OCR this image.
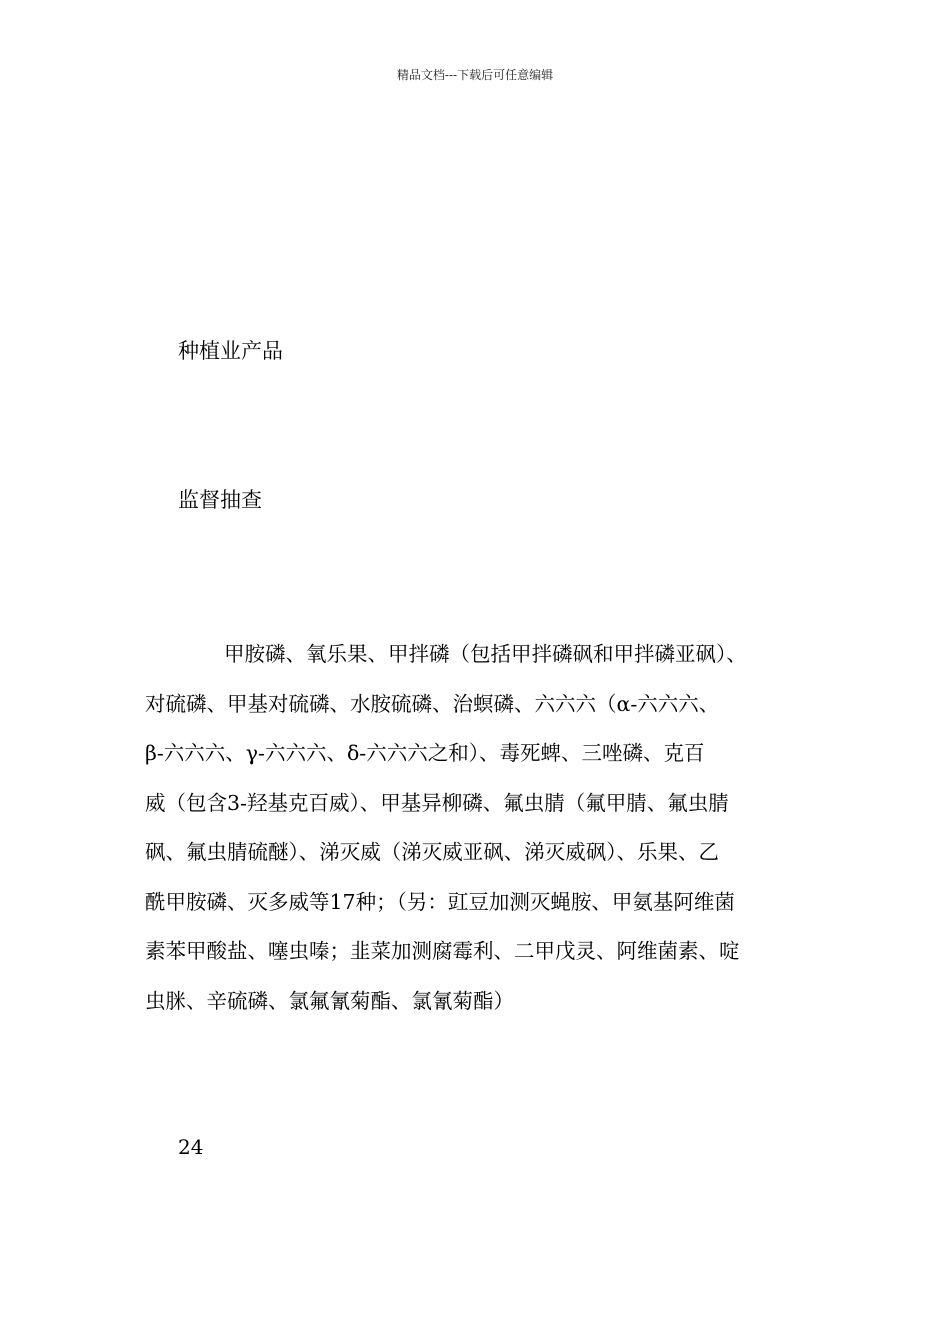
精品文档---下载后可任意编辑
种植业产品
监督抽查
甲胺磷、氧乐果、甲拌磷（包括甲拌磷砜和甲拌磷亚砜）、
对硫磷、甲基对硫磷、水胺硫磷、治螟磷、六六六（α-六六六、
β-六六六、γ-六六六、δ-六六六之和）、毒死蜱、三唑磷、克百
威（包含3-羟基克百威）、甲基异柳磷、氟虫腈（氟甲腈、氟虫腈
砜、氟虫腈硫醚）、涕灭威（涕灭威亚砜、涕灭威砜）、乐果、乙
酰甲胺磷、灭多威等17种；（另：豇豆加测灭蝇胺、甲氨基阿维菌
素苯甲酸盐、噻虫嗪；韭菜加测腐霉利、二甲戊灵、阿维菌素、啶
虫脒、辛硫磷、氯氟氰菊酯、氯氰菊酯）
24
